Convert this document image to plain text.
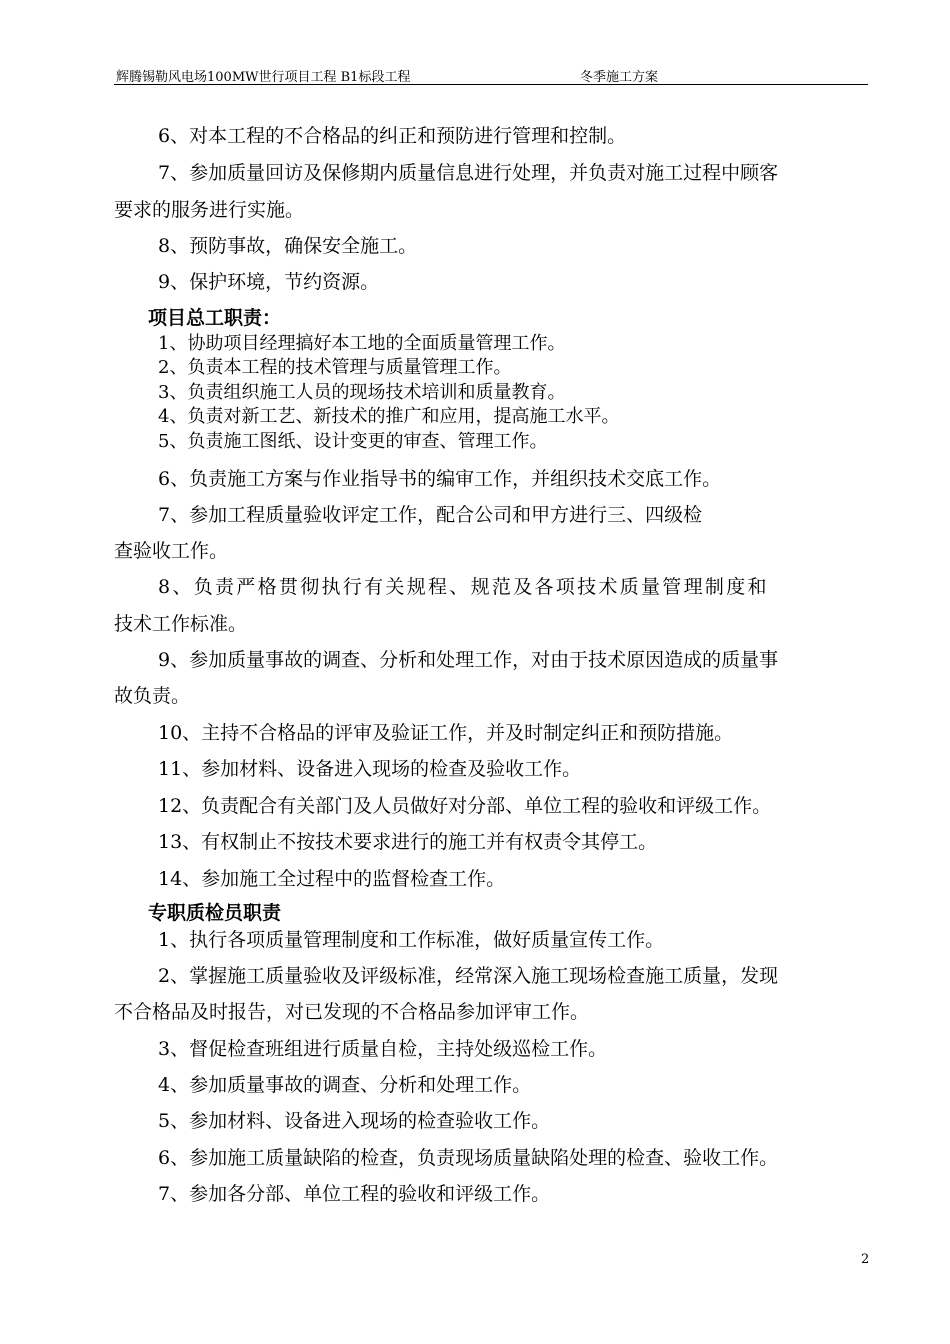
辉腾锡勒风电场100MW世行项目工程 B1标段工程	冬季施工方案
6、对本工程的不合格品的纠正和预防进行管理和控制。
7、参加质量回访及保修期内质量信息进行处理，并负责对施工过程中顾客
要求的服务进行实施。
8、预防事故，确保安全施工。
9、保护环境，节约资源。
项目总工职责：
1、协助项目经理搞好本工地的全面质量管理工作。
2、负责本工程的技术管理与质量管理工作。
3、负责组织施工人员的现场技术培训和质量教育。
4、负责对新工艺、新技术的推广和应用，提高施工水平。
5、负责施工图纸、设计变更的审查、管理工作。
6、负责施工方案与作业指导书的编审工作，并组织技术交底工作。
7、参加工程质量验收评定工作，配合公司和甲方进行三、四级检
查验收工作。
8、负责严格贯彻执行有关规程、规范及各项技术质量管理制度和
技术工作标准。
9、参加质量事故的调查、分析和处理工作，对由于技术原因造成的质量事
故负责。
10、主持不合格品的评审及验证工作，并及时制定纠正和预防措施。
11、参加材料、设备进入现场的检查及验收工作。
12、负责配合有关部门及人员做好对分部、单位工程的验收和评级工作。
13、有权制止不按技术要求进行的施工并有权责令其停工。
14、参加施工全过程中的监督检查工作。
专职质检员职责
1、执行各项质量管理制度和工作标准，做好质量宣传工作。
2、掌握施工质量验收及评级标准，经常深入施工现场检查施工质量，发现
不合格品及时报告，对已发现的不合格品参加评审工作。
3、督促检查班组进行质量自检，主持处级巡检工作。
4、参加质量事故的调查、分析和处理工作。
5、参加材料、设备进入现场的检查验收工作。
6、参加施工质量缺陷的检查，负责现场质量缺陷处理的检查、验收工作。
7、参加各分部、单位工程的验收和评级工作。
2
